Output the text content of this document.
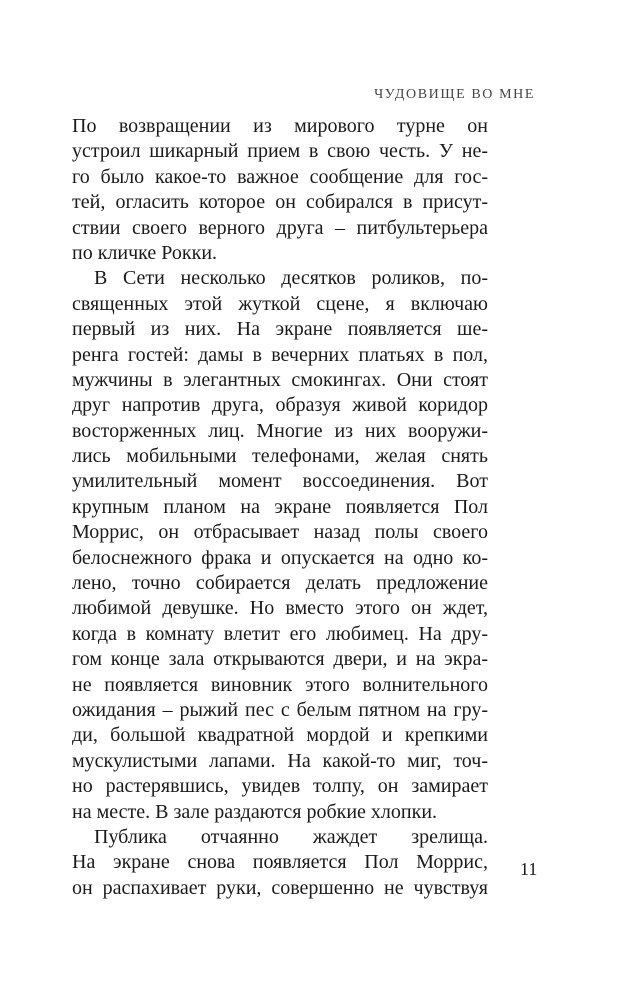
ЧУДОВИЩЕ ВО МНЕ
По возвращении из мирового турне он
устроил шикарный прием в свою честь. У не-
го было какое-то важное сообщение для гос-
тей, огласить которое он собирался в присут-
ствии своего верного друга – питбультерьера
по кличке Рокки.
В Сети несколько десятков роликов, по-
священных этой жуткой сцене, я включаю
первый из них. На экране появляется ше-
ренга гостей: дамы в вечерних платьях в пол,
мужчины в элегантных смокингах. Они стоят
друг напротив друга, образуя живой коридор
восторженных лиц. Многие из них вооружи-
лись мобильными телефонами, желая снять
умилительный момент воссоединения. Вот
крупным планом на экране появляется Пол
Моррис, он отбрасывает назад полы своего
белоснежного фрака и опускается на одно ко-
лено, точно собирается делать предложение
любимой девушке. Но вместо этого он ждет,
когда в комнату влетит его любимец. На дру-
гом конце зала открываются двери, и на экра-
не появляется виновник этого волнительного
ожидания – рыжий пес с белым пятном на гру-
ди, большой квадратной мордой и крепкими
мускулистыми лапами. На какой-то миг, точ-
но растерявшись, увидев толпу, он замирает
на месте. В зале раздаются робкие хлопки.
Публика отчаянно жаждет зрелища.
На экране снова появляется Пол Моррис,
он распахивает руки, совершенно не чувствуя
11
